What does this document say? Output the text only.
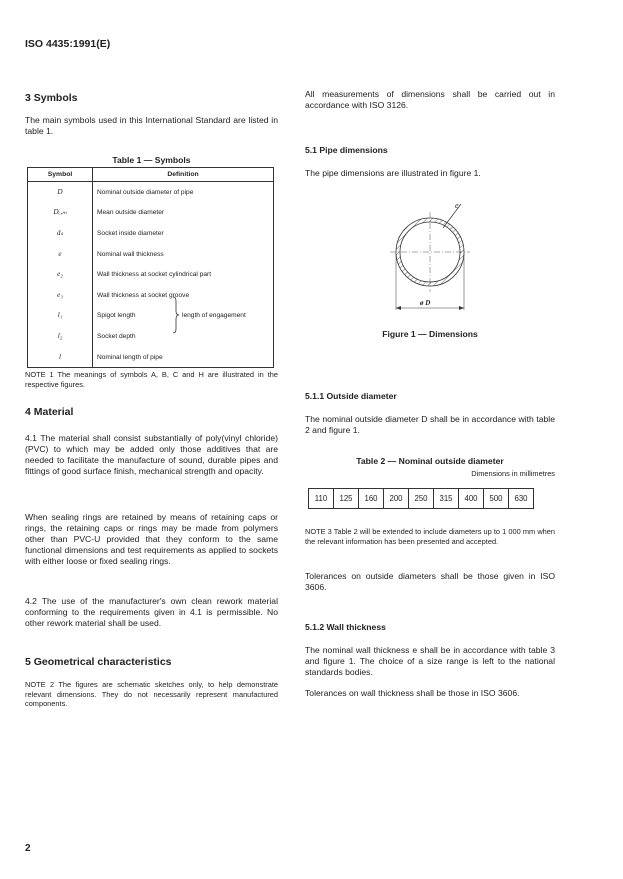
ISO 4435:1991(E)
3 Symbols

The main symbols used in this International Standard are listed in table 1.

Table 1 — Symbols
Symbol	Definition
D	Nominal outside diameter of pipe
Dₑ,ₘ	Mean outside diameter
dₛ	Socket inside diameter
e	Nominal wall thickness
e₂	Wall thickness at socket cylindrical part
e₃	Wall thickness at socket groove
l₁	Spigot length
l₂	Socket depth
l	Nominal length of pipe
length of engagement

NOTE 1 The meanings of symbols A, B, C and H are illustrated in the respective figures.

4 Material

4.1 The material shall consist substantially of poly(vinyl chloride) (PVC) to which may be added only those additives that are needed to facilitate the manufacture of sound, durable pipes and fittings of good surface finish, mechanical strength and opacity.

When sealing rings are retained by means of retaining caps or rings, the retaining caps or rings may be made from polymers other than PVC-U provided that they conform to the same functional dimensions and test requirements as applied to sockets with either loose or fixed sealing rings.

4.2 The use of the manufacturer's own clean rework material conforming to the requirements given in 4.1 is permissible. No other rework material shall be used.

5 Geometrical characteristics

NOTE 2 The figures are schematic sketches only, to help demonstrate relevant dimensions. They do not necessarily represent manufactured components.

All measurements of dimensions shall be carried out in accordance with ISO 3126.

5.1 Pipe dimensions

The pipe dimensions are illustrated in figure 1.

e
ø D
Figure 1 — Dimensions
5.1.1 Outside diameter

The nominal outside diameter D shall be in accordance with table 2 and figure 1.

Table 2 — Nominal outside diameter
Dimensions in millimetres
110	125	160	200	250	315	400	500	630

NOTE 3 Table 2 will be extended to include diameters up to 1 000 mm when the relevant information has been presented and accepted.

Tolerances on outside diameters shall be those given in ISO 3606.

5.1.2 Wall thickness

The nominal wall thickness e shall be in accordance with table 3 and figure 1. The choice of a size range is left to the national standards bodies.

Tolerances on wall thickness shall be those in ISO 3606.

2
